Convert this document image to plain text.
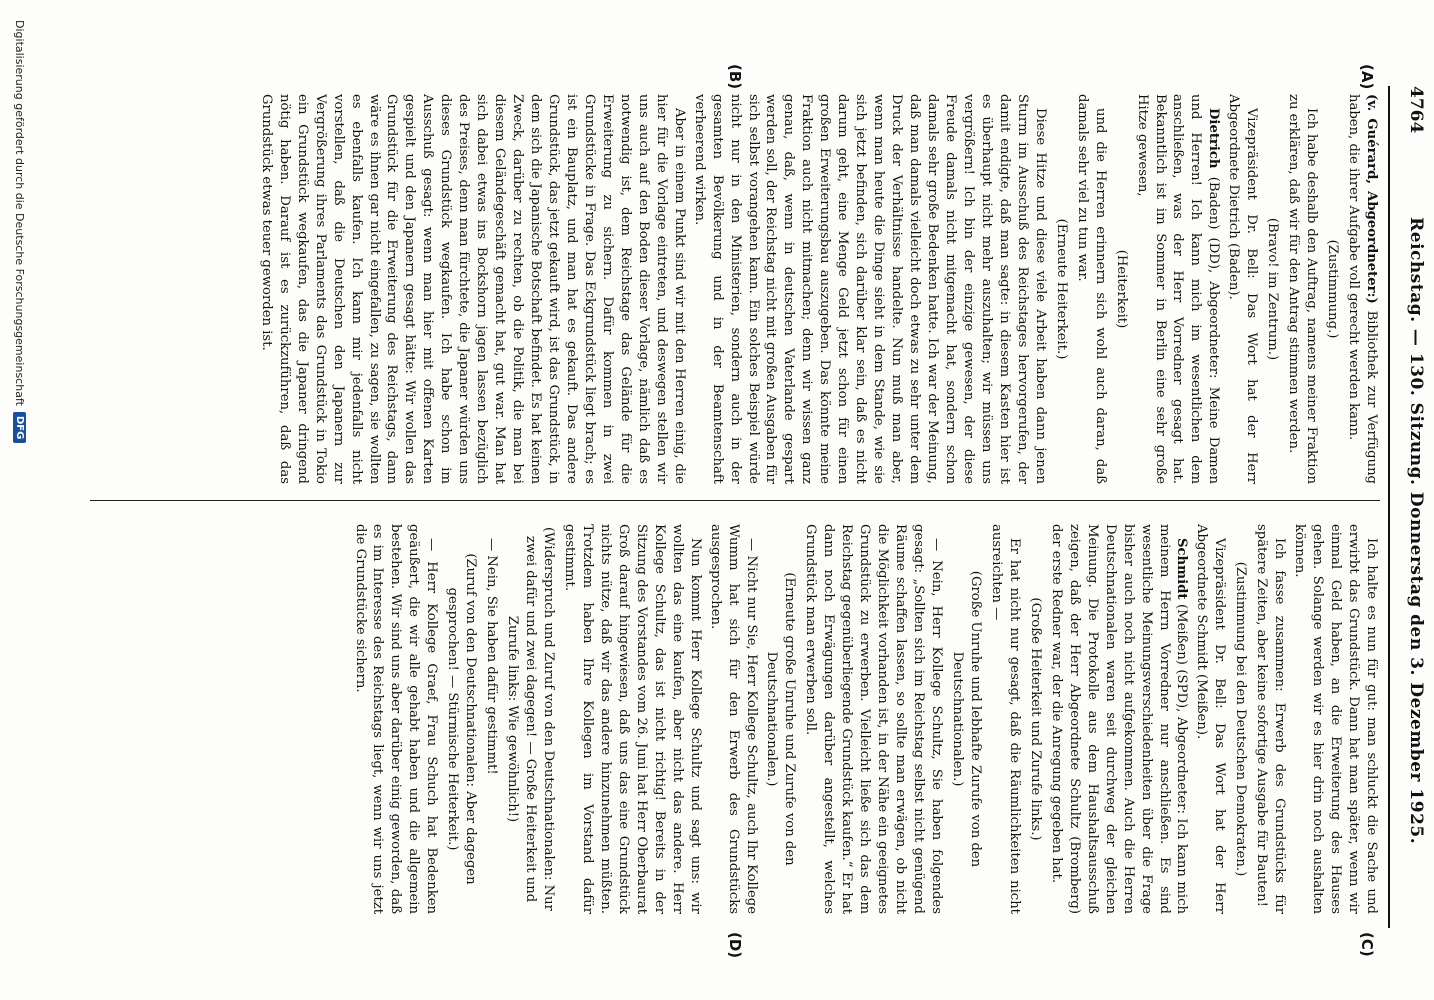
4764
Reichstag. — 130. Sitzung. Donnerstag den 3. Dezember 1925.
(A)
(B)
(C)
(D)

(v. Guérard, Abgeordneter:) Bibliothek zur Verfügung haben, die ihrer Aufgabe voll gerecht werden kann.

(Zustimmung.)

Ich habe deshalb den Auftrag, namens meiner Fraktion zu erklären, daß wir für den Antrag stimmen werden.

(Bravo! im Zentrum.)

Vizepräsident Dr. Bell: Das Wort hat der Herr Abgeordnete Dietrich (Baden).

Dietrich (Baden) (DD), Abgeordneter: Meine Damen und Herren! Ich kann mich im wesentlichen dem anschließen, was der Herr Vorredner gesagt hat. Bekanntlich ist im Sommer in Berlin eine sehr große Hitze gewesen,

(Heiterkeit)

und die Herren erinnern sich wohl auch daran, daß damals sehr viel zu tun war.

(Erneute Heiterkeit.)

Diese Hitze und diese viele Arbeit haben dann jenen Sturm im Ausschuß des Reichstages hervorgerufen, der damit endigte, daß man sagte: in diesem Kasten hier ist es überhaupt nicht mehr auszuhalten; wir müssen uns vergrößern! Ich bin der einzige gewesen, der diese Freude damals nicht mitgemacht hat, sondern schon damals sehr große Bedenken hatte. Ich war der Meinung, daß man damals vielleicht doch etwas zu sehr unter dem Druck der Verhältnisse handelte. Nun muß man aber, wenn man heute die Dinge sieht in dem Stande, wie sie sich jetzt befinden, sich darüber klar sein, daß es nicht darum geht, eine Menge Geld jetzt schon für einen großen Erweiterungsbau auszugeben. Das könnte meine Fraktion auch nicht mitmachen; denn wir wissen ganz genau, daß, wenn in deutschen Vaterlande gespart werden soll, der Reichstag nicht mit großen Ausgaben für sich selbst vorangehen kann. Ein solches Beispiel würde nicht nur in den Ministerien, sondern auch in der gesamten Bevölkerung und in der Beamtenschaft verheerend wirken.

Aber in einem Punkt sind wir mit den Herren einig, die hier für die Vorlage eintreten, und deswegen stellen wir uns auch auf den Boden dieser Vorlage, nämlich daß es notwendig ist, dem Reichstage das Gelände für die Erweiterung zu sichern. Dafür kommen in zwei Grundstücke in Frage. Das Eckgrundstück liegt brach; es ist ein Bauplatz, und man hat es gekauft. Das andere Grundstück, das jetzt gekauft wird, ist das Grundstück, in dem sich die Japanische Botschaft befindet. Es hat keinen Zweck, darüber zu rechten, ob die Politik, die man bei diesem Geländegeschäft gemacht hat, gut war. Man hat sich dabei etwas ins Bockshorn jagen lassen bezüglich des Preises, denn man fürchtete, die Japaner würden uns dieses Grundstück wegkaufen. Ich habe schon im Ausschuß gesagt: wenn man hier mit offenen Karten gespielt und den Japanern gesagt hätte: Wir wollen das Grundstück für die Erweiterung des Reichstags, dann wäre es ihnen gar nicht eingefallen, zu sagen, sie wollten es ebenfalls kaufen. Ich kann mir jedenfalls nicht vorstellen, daß die Deutschen den Japanern zur Vergrößerung ihres Parlaments das Grundstück in Tokio ein Grundstück wegkaufen, das die Japaner dringend nötig haben. Darauf ist es zurückzuführen, daß das Grundstück etwas teuer geworden ist.

Ich halte es nun für gut: man schluckt die Sache und erwirbt das Grundstück. Dann hat man später, wenn wir einmal Geld haben, an die Erweiterung des Hauses gehen. Solange werden wir es hier drin noch aushalten können.

Ich fasse zusammen: Erwerb des Grundstücks für spätere Zeiten, aber keine sofortige Ausgabe für Bauten!

(Zustimmung bei den Deutschen Demokraten.)

Vizepräsident Dr. Bell: Das Wort hat der Herr Abgeordnete Schmidt (Meißen).

Schmidt (Meißen) (SPD), Abgeordneter: Ich kann mich meinem Herrn Vorredner nur anschließen. Es sind wesentliche Meinungsverschiedenheiten über die Frage bisher auch noch nicht aufgekommen. Auch die Herren Deutschnationalen waren seit durchweg der gleichen Meinung. Die Protokolle aus dem Haushaltsausschuß zeigen, daß der Herr Abgeordnete Schultz (Bromberg) der erste Redner war, der die Anregung gegeben hat.

(Große Heiterkeit und Zurufe links.)

Er hat nicht nur gesagt, daß die Räumlichkeiten nicht ausreichten —

(Große Unruhe und lebhafte Zurufe von den Deutschnationalen.)

— Nein, Herr Kollege Schultz, Sie haben folgendes gesagt: „Sollten sich im Reichstag selbst nicht genügend Räume schaffen lassen, so sollte man erwägen, ob nicht die Möglichkeit vorhanden ist, in der Nähe ein geeignetes Grundstück zu erwerben. Vielleicht ließe sich das dem Reichstag gegenüberliegende Grundstück kaufen.“ Er hat dann noch Erwägungen darüber angestellt, welches Grundstück man erwerben soll.

(Erneute große Unruhe und Zurufe von den Deutschnationalen.)

— Nicht nur Sie, Herr Kollege Schultz, auch Ihr Kollege Wumm hat sich für den Erwerb des Grundstücks ausgesprochen.

Nun kommt Herr Kollege Schultz und sagt uns: wir wollten das eine kaufen, aber nicht das andere. Herr Kollege Schultz, das ist nicht richtig! Bereits in der Sitzung des Vorstandes vom 26. Juni hat Herr Oberbaurat Groß darauf hingewiesen, daß uns das eine Grundstück nichts nütze, daß wir das andere hinzunehmen müßten. Trotzdem haben Ihre Kollegen im Vorstand dafür gestimmt.

(Widerspruch und Zuruf von den Deutschnationalen: Nur zwei dafür und zwei dagegen! — Große Heiterkeit und Zurufe links: Wie gewöhnlich!)

— Nein, Sie haben dafür gestimmt!

(Zuruf von den Deutschnationalen: Aber dagegen gesprochen! — Stürmische Heiterkeit.)

— Herr Kollege Graef, Frau Schuch hat Bedenken geäußert, die wir alle gehabt haben und die allgemein bestehen. Wir sind uns aber darüber einig geworden, daß es im Interesse des Reichstags liegt, wenn wir uns jetzt die Grundstücke sichern.

Digitalisierung gefördert durch die Deutsche Forschungsgemeinschaft
DFG
